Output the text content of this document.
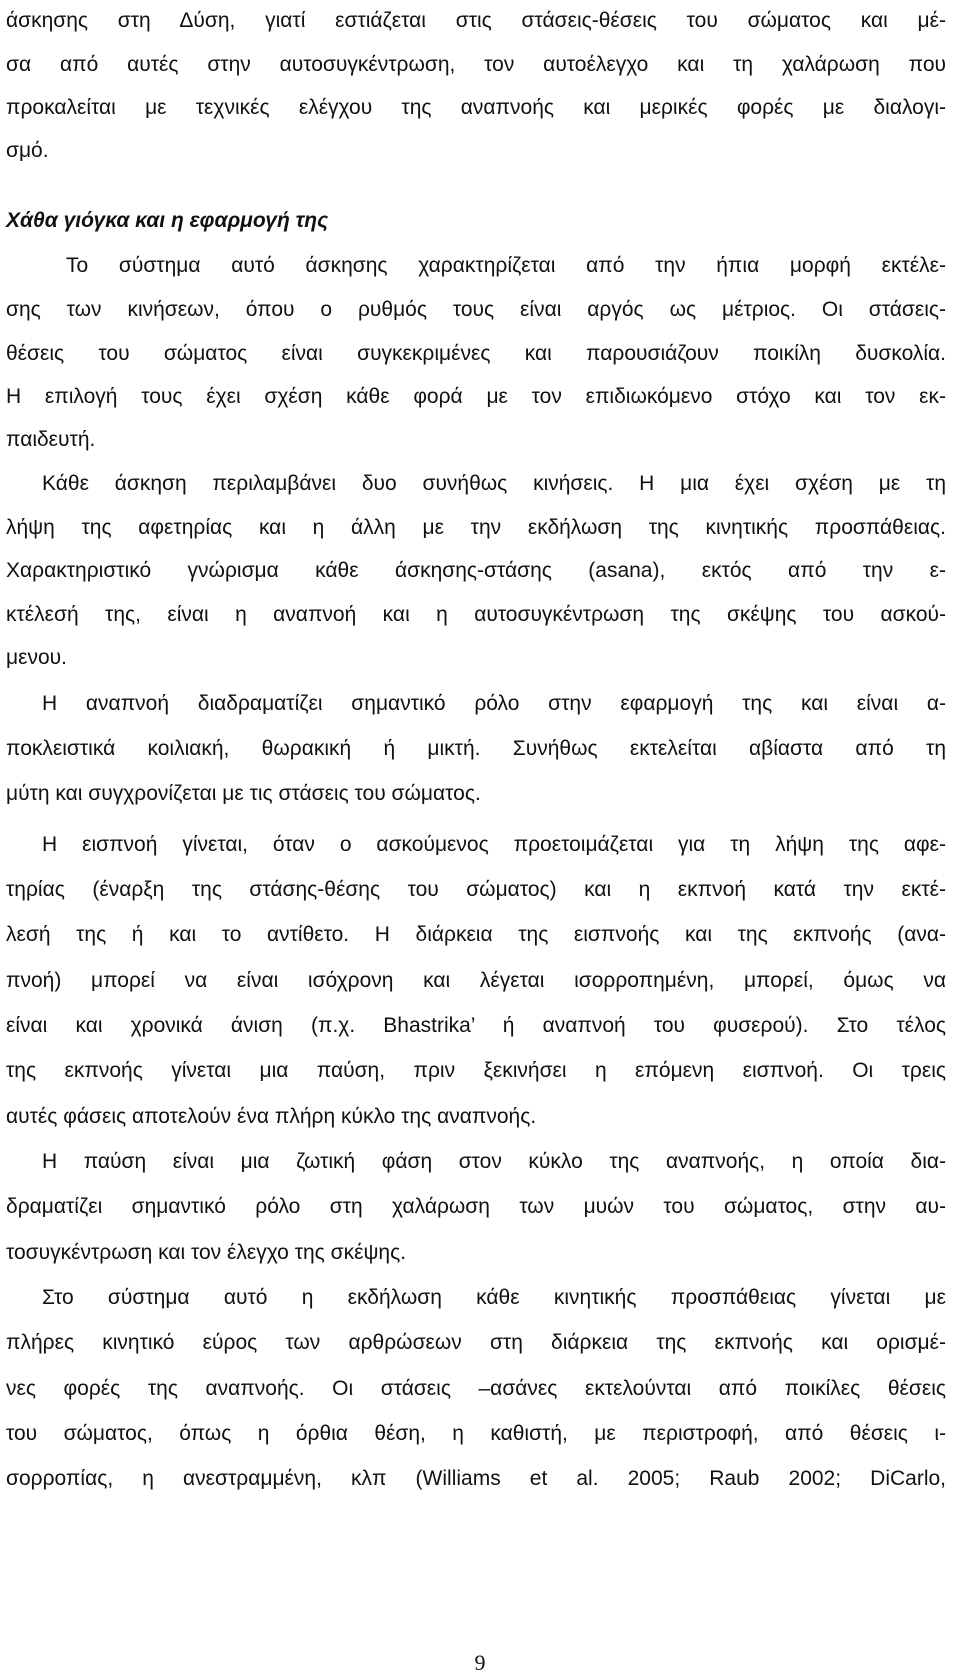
άσκησης στη Δύση, γιατί εστιάζεται στις στάσεις-θέσεις του σώματος και μέ-

σα από αυτές στην αυτοσυγκέντρωση, τον αυτοέλεγχο και τη χαλάρωση που

προκαλείται με τεχνικές ελέγχου της αναπνοής και μερικές φορές με διαλογι-

σμό.

Χάθα γιόγκα και η εφαρμογή της

Το σύστημα αυτό άσκησης χαρακτηρίζεται από την ήπια μορφή εκτέλε-

σης των κινήσεων, όπου ο ρυθμός τους είναι αργός ως μέτριος. Οι στάσεις-

θέσεις του σώματος είναι συγκεκριμένες και παρουσιάζουν ποικίλη δυσκολία.

Η επιλογή τους έχει σχέση κάθε φορά με τον επιδιωκόμενο στόχο και τον εκ-

παιδευτή.

Κάθε άσκηση περιλαμβάνει δυο συνήθως κινήσεις. Η μια έχει σχέση με τη

λήψη της αφετηρίας και η άλλη με την εκδήλωση της κινητικής προσπάθειας.

Χαρακτηριστικό γνώρισμα κάθε άσκησης-στάσης (asana), εκτός από την ε-

κτέλεσή της, είναι η αναπνοή και η αυτοσυγκέντρωση της σκέψης του ασκού-

μενου.

Η αναπνοή διαδραματίζει σημαντικό ρόλο στην εφαρμογή της και είναι α-

ποκλειστικά κοιλιακή, θωρακική ή μικτή. Συνήθως εκτελείται αβίαστα από τη

μύτη και συγχρονίζεται με τις στάσεις του σώματος.

Η εισπνοή γίνεται, όταν ο ασκούμενος προετοιμάζεται για τη λήψη της αφε-

τηρίας (έναρξη της στάσης-θέσης του σώματος) και η εκπνοή κατά την εκτέ-

λεσή της ή και το αντίθετο. Η διάρκεια της εισπνοής και της εκπνοής (ανα-

πνοή) μπορεί να είναι ισόχρονη και λέγεται ισορροπημένη, μπορεί, όμως να

είναι και χρονικά άνιση (π.χ. Bhastrika’ ή αναπνοή του φυσερού). Στο τέλος

της εκπνοής γίνεται μια παύση, πριν ξεκινήσει η επόμενη εισπνοή. Οι τρεις

αυτές φάσεις αποτελούν ένα πλήρη κύκλο της αναπνοής.

Η παύση είναι μια ζωτική φάση στον κύκλο της αναπνοής, η οποία δια-

δραματίζει σημαντικό ρόλο στη χαλάρωση των μυών του σώματος, στην αυ-

τοσυγκέντρωση και τον έλεγχο της σκέψης.

Στο σύστημα αυτό η εκδήλωση κάθε κινητικής προσπάθειας γίνεται με

πλήρες κινητικό εύρος των αρθρώσεων στη διάρκεια της εκπνοής και ορισμέ-

νες φορές της αναπνοής. Οι στάσεις –ασάνες εκτελούνται από ποικίλες θέσεις

του σώματος, όπως η όρθια θέση, η καθιστή, με περιστροφή, από θέσεις ι-

σορροπίας, η ανεστραμμένη, κλπ (Williams et al. 2005; Raub 2002; DiCarlo,

9
